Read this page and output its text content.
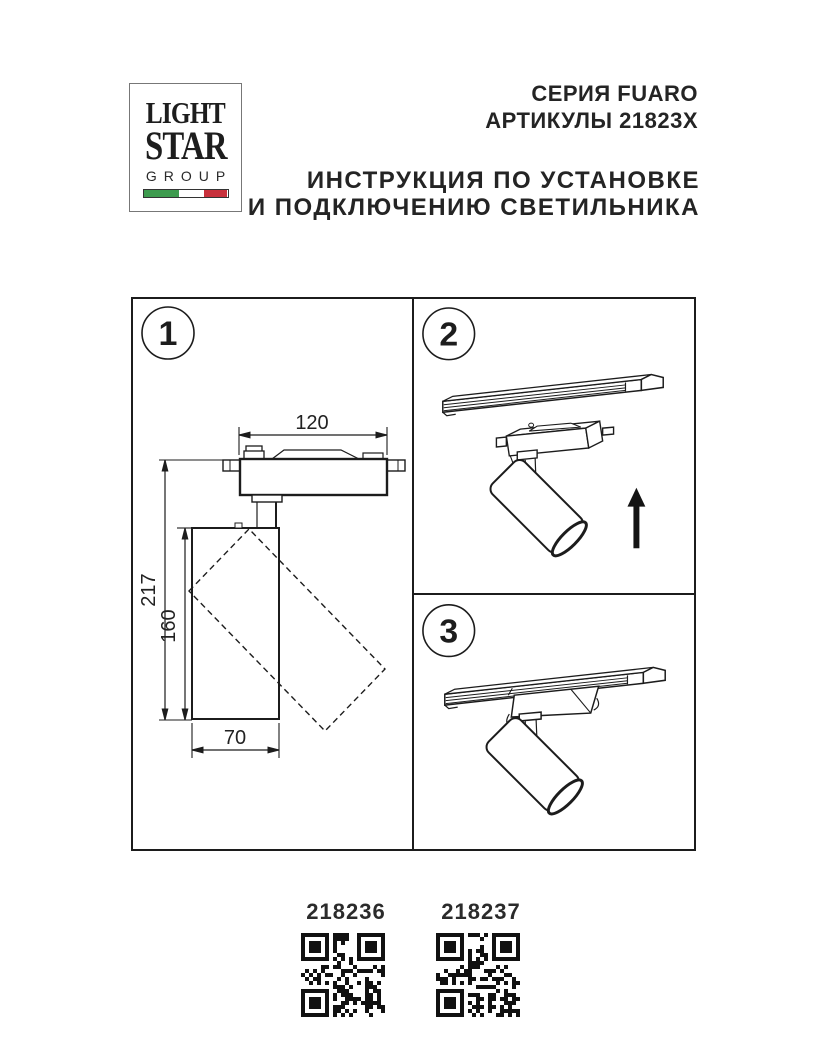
LIGHT
STAR
GROUP
СЕРИЯ FUARO
АРТИКУЛЫ 21823X
ИНСТРУКЦИЯ ПО УСТАНОВКЕ
И ПОДКЛЮЧЕНИЮ СВЕТИЛЬНИКА
1
120
217
160
70
2
3
218236	218237
